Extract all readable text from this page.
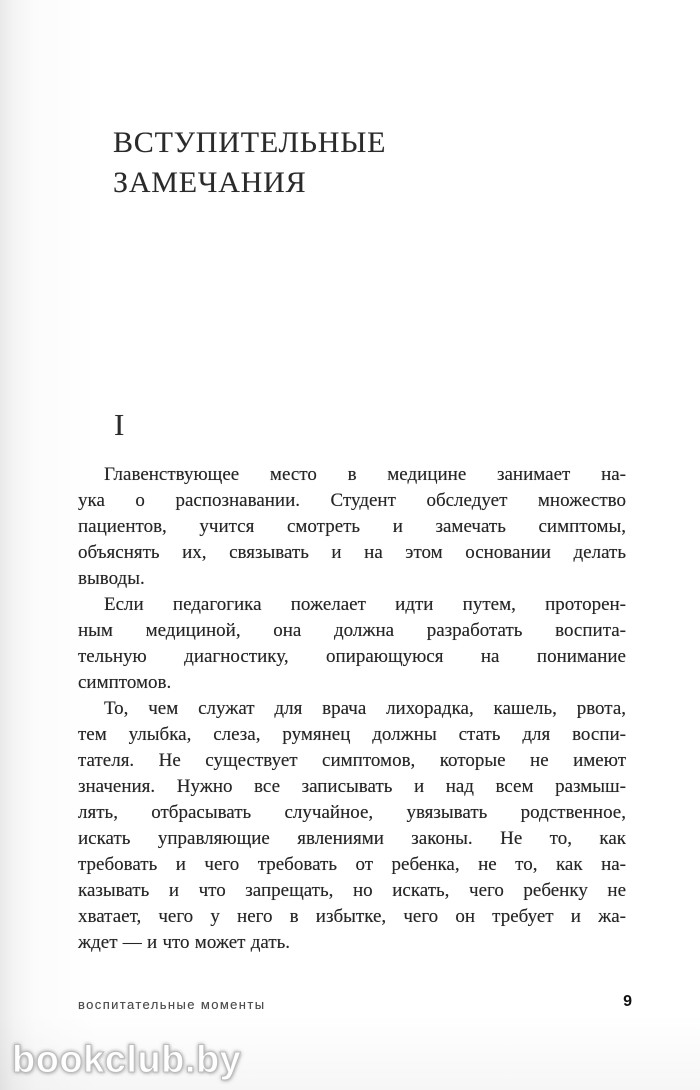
ВСТУПИТЕЛЬНЫЕ
ЗАМЕЧАНИЯ
I
Главенствующее место в медицине занимает на-
ука о распознавании. Студент обследует множество
пациентов, учится смотреть и замечать симптомы,
объяснять их, связывать и на этом основании делать
выводы.
Если педагогика пожелает идти путем, проторен-
ным медициной, она должна разработать воспита-
тельную диагностику, опирающуюся на понимание
симптомов.
То, чем служат для врача лихорадка, кашель, рвота,
тем улыбка, слеза, румянец должны стать для воспи-
тателя. Не существует симптомов, которые не имеют
значения. Нужно все записывать и над всем размыш-
лять, отбрасывать случайное, увязывать родственное,
искать управляющие явлениями законы. Не то, как
требовать и чего требовать от ребенка, не то, как на-
казывать и что запрещать, но искать, чего ребенку не
хватает, чего у него в избытке, чего он требует и жа-
ждет — и что может дать.
воспитательные моменты	9
bookclub.by
